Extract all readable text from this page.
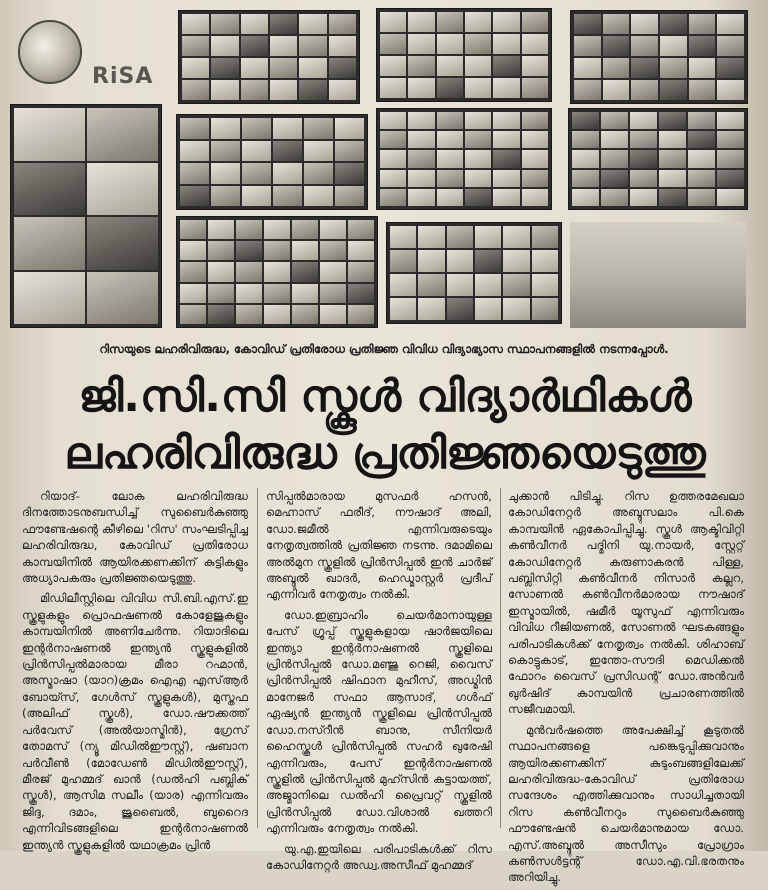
RiSA
റിസയുടെ ലഹരിവിരുദ്ധ, കോവിഡ് പ്രതിരോധ പ്രതിജ്ഞ വിവിധ വിദ്യാഭ്യാസ സ്ഥാപനങ്ങളിൽ നടന്നപ്പോൾ.
ജി.സി.സി സ്കൂൾ വിദ്യാർഥികൾ
ലഹരിവിരുദ്ധ പ്രതിജ്ഞയെടുത്തു

റിയാദ്- ലോക ലഹരിവിരുദ്ധ ദിനത്തോടനുബന്ധിച്ച് സുബൈർകുഞ്ഞു ഫൗണ്ടേഷന്റെ കീഴിലെ 'റിസ' സംഘടിപ്പിച്ച ലഹരിവിരുദ്ധ, കോവിഡ് പ്രതിരോധ കാമ്പയിനിൽ ആയിരക്കണക്കിന് കുട്ടികളും അധ്യാപകരും പ്രതിജ്ഞയെടുത്തു.

മിഡിലീസ്റ്റിലെ വിവിധ സി.ബി.എസ്.ഇ സ്കൂളുകളും പ്രൊഫഷണൽ കോളേജുകളും കാമ്പയിനിൽ അണിചേർന്നു. റിയാദിലെ ഇന്റർനാഷണൽ ഇന്ത്യൻ സ്കൂളുകളിൽ പ്രിൻസിപ്പൽമാരായ മീരാ റഹ്മാൻ, അസ്മാഷാ (യാറ)ക്രമം ഐഎ എസ്ആർ ബോയ്സ്, ഗേൾസ് സ്കൂളുകൾ), മുസ്തഫ (അലിഫ് സ്കൂൾ), ഡോ.ഷൗക്കത്ത് പർവേസ് (അൽയാസ്മിൻ), ഗ്രേസ് തോമസ് (ന്യൂ മിഡിൽഈസ്റ്റ്), ഷബാന പർവീൺ (മോഡേൺ മിഡിൽഈസ്റ്റ്), മീരജ് മുഹമ്മദ് ഖാൻ (ഡൽഹി പബ്ലിക് സ്കൂൾ), ആസിമ സലീം (യാര) എന്നിവരും ജിദ്ദ, ദമാം, ജുബൈൽ, ബുറൈദ എന്നിവിടങ്ങളിലെ ഇന്റർനാഷണൽ ഇന്ത്യൻ സ്കൂളുകളിൽ യഥാക്രമം പ്രിൻ

സിപ്പൽമാരായ മുസഫർ ഹസൻ, മെഹ്നാസ് ഫരീദ്, നൗഷാദ് അലി, ഡോ.ജമീൽ എന്നിവരുടെയും നേതൃത്വത്തിൽ പ്രതിജ്ഞ നടന്നു. ദമാമിലെ അൽമുന സ്കൂളിൽ പ്രിൻസിപ്പൽ ഇൻ ചാർജ് അബ്ദുൽ ഖാദർ, ഹെഡ്മാസ്റ്റർ പ്രദീപ് എന്നിവർ നേതൃത്വം നൽകി.

ഡോ.ഇബ്രാഹിം ചെയർമാനായുള്ള പേസ് ഗ്രൂപ്പ് സ്കൂളുകളായ ഷാർജയിലെ ഇന്ത്യാ ഇന്റർനാഷണൽ സ്കൂളിലെ പ്രിൻസിപ്പൽ ഡോ.മഞ്ജു റെജി, വൈസ് പ്രിൻസിപ്പൽ ഷിഫാന മുഹീസ്, അഡ്മിൻ മാനേജർ സഫാ ആസാദ്, ഗൾഫ് ഏഷ്യൻ ഇന്ത്യൻ സ്കൂളിലെ പ്രിൻസിപ്പൽ ഡോ.നസ്റീൻ ബാനു, സീനിയർ ഹൈസ്കൂൾ പ്രിൻസിപ്പൽ സഹർ ഖുരേഷി എന്നിവരും, പേസ് ഇന്റർനാഷണൽ സ്കൂളിൽ പ്രിൻസിപ്പൽ മുഹ്സിൻ കട്ടായത്ത്, അജ്മാനിലെ ഡൽഹി പ്രൈവറ്റ് സ്കൂളിൽ പ്രിൻസിപ്പൽ ഡോ.വിശാൽ ഖത്തറി എന്നിവരും നേതൃത്വം നൽകി.

യു.എ.ഇയിലെ പരിപാടികൾക്ക് റിസ കോഡിനേറ്റർ അഡ്വ.അസീഫ് മുഹമ്മദ്

ചുക്കാൻ പിടിച്ചു. റിസ ഉത്തരമേഖലാ കോഡിനേറ്റർ അബ്ദുസലാം പി.കെ കാമ്പയിൻ ഏകോപിപ്പിച്ചു. സ്കൂൾ ആക്ടിവിറ്റി കൺവീനർ പദ്മിനി യു.നായർ, സ്റ്റേറ്റ് കോഡിനേറ്റർ കരുണാകരൻ പിള്ള, പബ്ലിസിറ്റി കൺവീനർ നിസാർ കല്ലറ, സോണൽ കൺവീനർമാരായ നൗഷാദ് ഇസ്മായിൽ, ഷമീർ യൂസുഫ് എന്നിവരും വിവിധ റീജിയണൽ, സോണൽ ഘടകങ്ങളും പരിപാടികൾക്ക് നേതൃത്വം നൽകി. ശിഹാബ് കൊട്ടുകാട്, ഇന്തോ-സൗദി മെഡിക്കൽ ഫോറം വൈസ് പ്രസിഡന്റ് ഡോ.അൻവർ ഖുർഷിദ് കാമ്പയിൻ പ്രചാരണത്തിൽ സജീവമായി.

മുൻവർഷത്തെ അപേക്ഷിച്ച് കൂടുതൽ സ്ഥാപനങ്ങളെ പങ്കെടുപ്പിക്കുവാനും ആയിരക്കണക്കിന് കുടുംബങ്ങളിലേക്ക് ലഹരിവിരുദ്ധ-കോവിഡ് പ്രതിരോധ സന്ദേശം എത്തിക്കുവാനും സാധിച്ചതായി റിസ കൺവീനറും സുബൈർകുഞ്ഞു ഫൗണ്ടേഷൻ ചെയർമാനുമായ ഡോ. എസ്.അബ്ദുൽ അസീസും പ്രോഗ്രാം കൺസൾട്ടന്റ് ഡോ.എ.വി.ഭരതനും അറിയിച്ചു.
